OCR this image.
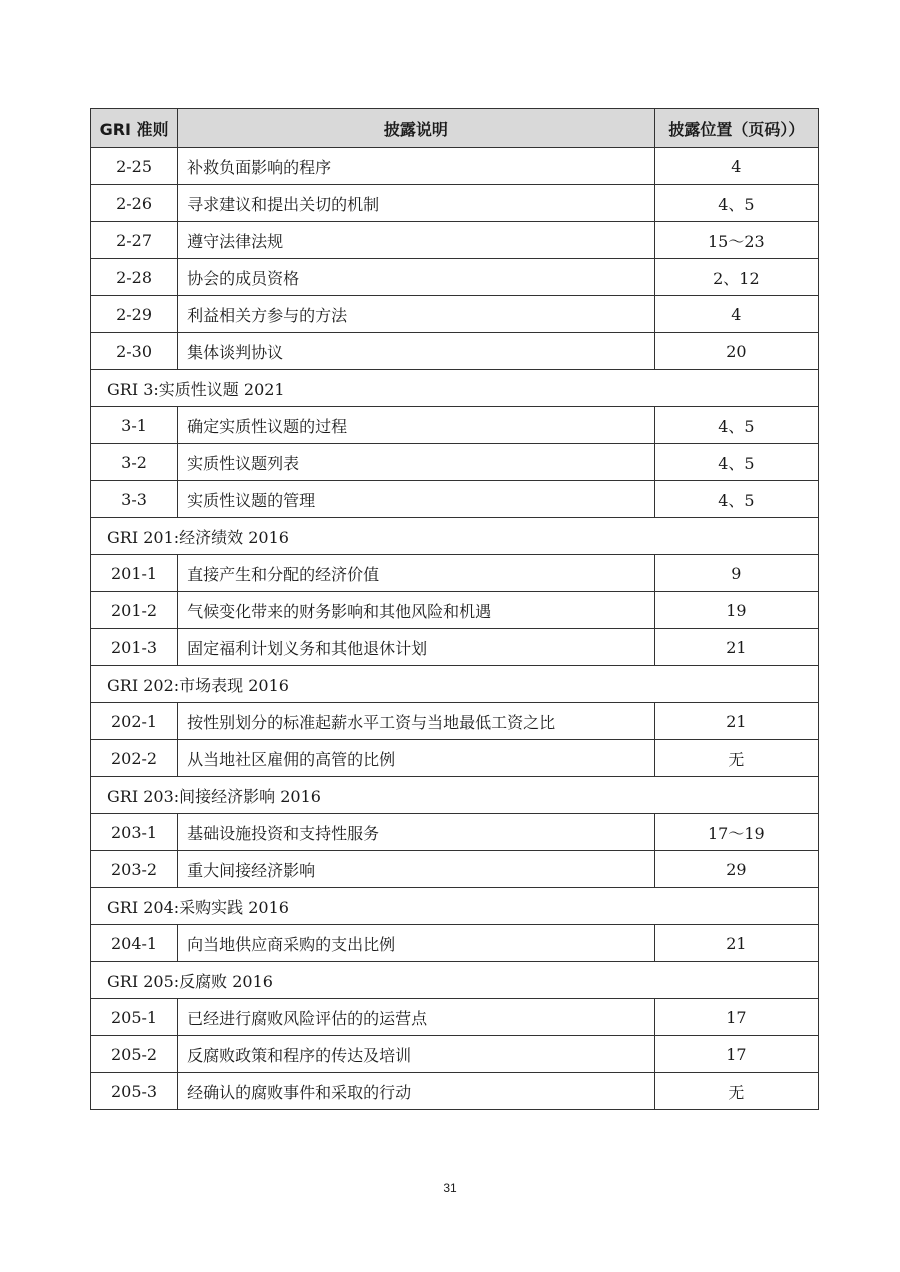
GRI 准则	披露说明	披露位置（页码））
2-25	补救负面影响的程序	4
2-26	寻求建议和提出关切的机制	4、5
2-27	遵守法律法规	15～23
2-28	协会的成员资格	2、12
2-29	利益相关方参与的方法	4
2-30	集体谈判协议	20
GRI 3:实质性议题 2021		
3-1	确定实质性议题的过程	4、5
3-2	实质性议题列表	4、5
3-3	实质性议题的管理	4、5
GRI 201:经济绩效 2016		
201-1	直接产生和分配的经济价值	9
201-2	气候变化带来的财务影响和其他风险和机遇	19
201-3	固定福利计划义务和其他退休计划	21
GRI 202:市场表现 2016		
202-1	按性别划分的标准起薪水平工资与当地最低工资之比	21
202-2	从当地社区雇佣的高管的比例	无
GRI 203:间接经济影响 2016		
203-1	基础设施投资和支持性服务	17～19
203-2	重大间接经济影响	29
GRI 204:采购实践 2016		
204-1	向当地供应商采购的支出比例	21
GRI 205:反腐败 2016		
205-1	已经进行腐败风险评估的的运营点	17
205-2	反腐败政策和程序的传达及培训	17
205-3	经确认的腐败事件和采取的行动	无
31
